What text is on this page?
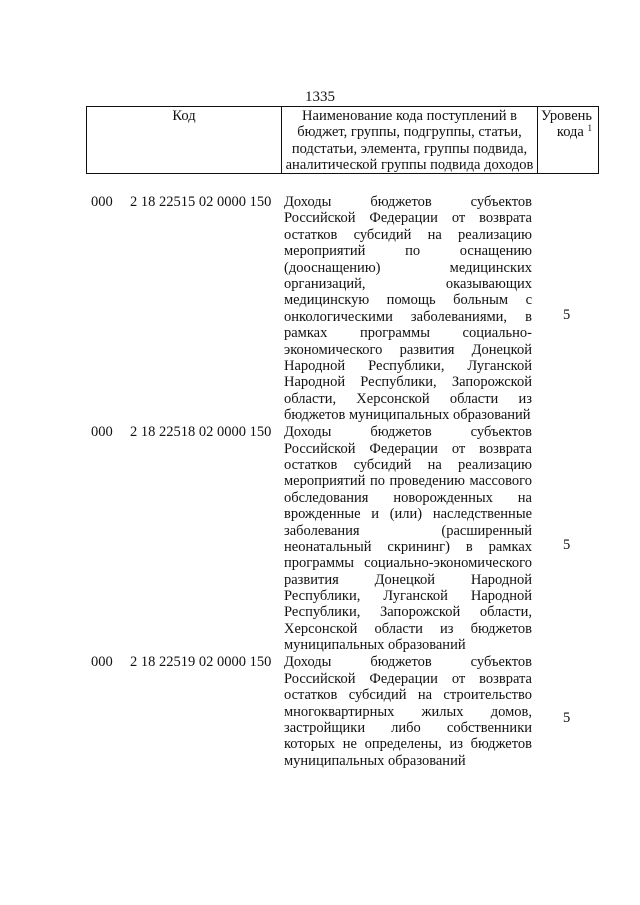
1335
Код	Наименование кода поступлений в
бюджет, группы, подгруппы, статьи,
подстатьи, элемента, группы подвида,
аналитической группы подвида доходов
Уровень
кода $^1$
000 2 18 22515 02 0000 150 Доходы бюджетов субъектов
Российской Федерации от возврата
остатков субсидий на реализацию
мероприятий по оснащению
(дооснащению) медицинских
организаций, оказывающих
медицинскую помощь больным с
онкологическими заболеваниями, в
рамках программы социально-
экономического развития Донецкой
Народной Республики, Луганской
Народной Республики, Запорожской
области, Херсонской области из
бюджетов муниципальных образований
5
000 2 18 22518 02 0000 150 Доходы бюджетов субъектов
Российской Федерации от возврата
остатков субсидий на реализацию
мероприятий по проведению массового
обследования новорожденных на
врожденные и (или) наследственные
заболевания (расширенный
неонатальный скрининг) в рамках
программы социально-экономического
развития Донецкой Народной
Республики, Луганской Народной
Республики, Запорожской области,
Херсонской области из бюджетов
муниципальных образований
5
000 2 18 22519 02 0000 150 Доходы бюджетов субъектов
Российской Федерации от возврата
остатков субсидий на строительство
многоквартирных жилых домов,
застройщики либо собственники
которых не определены, из бюджетов
муниципальных образований
5
